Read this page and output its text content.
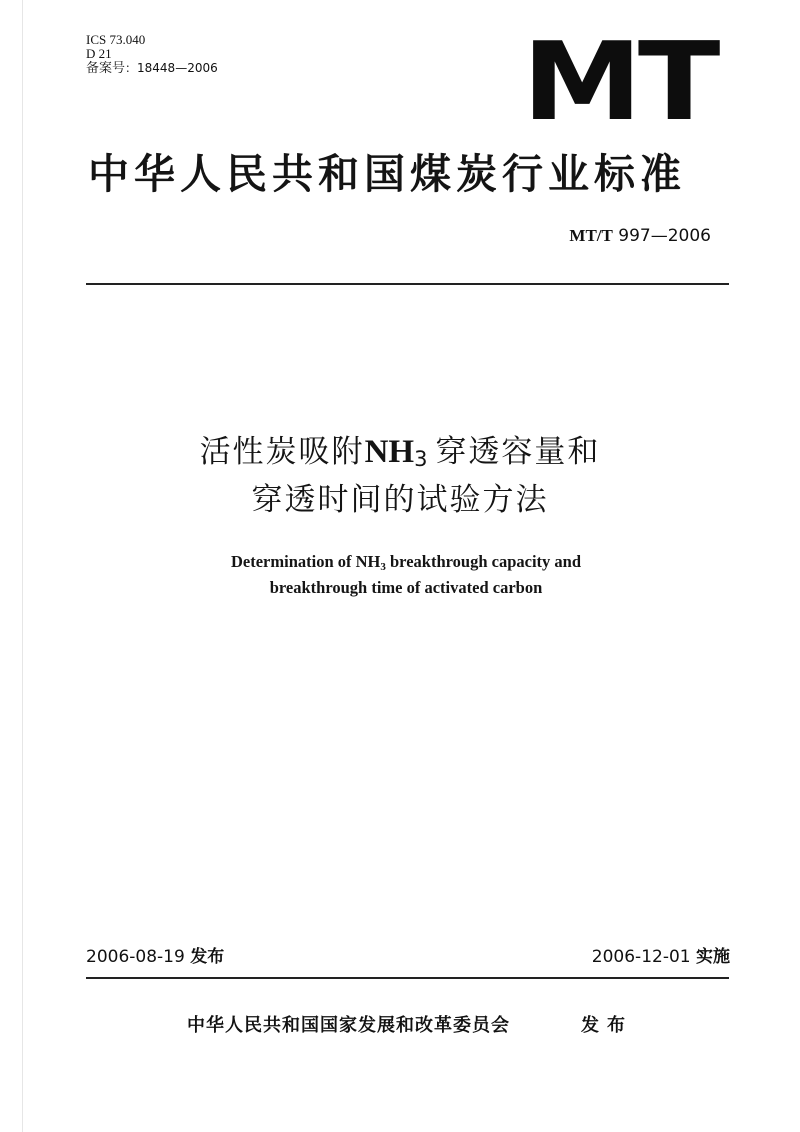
ICS 73.040
D 21
备案号：18448—2006	MT
中华人民共和国煤炭行业标准
MT/T 997—2006
活性炭吸附NH3 穿透容量和
穿透时间的试验方法
Determination of NH3 breakthrough capacity and
breakthrough time of activated carbon
2006-08-19 发布	2006-12-01 实施
中华人民共和国国家发展和改革委员会	发布
